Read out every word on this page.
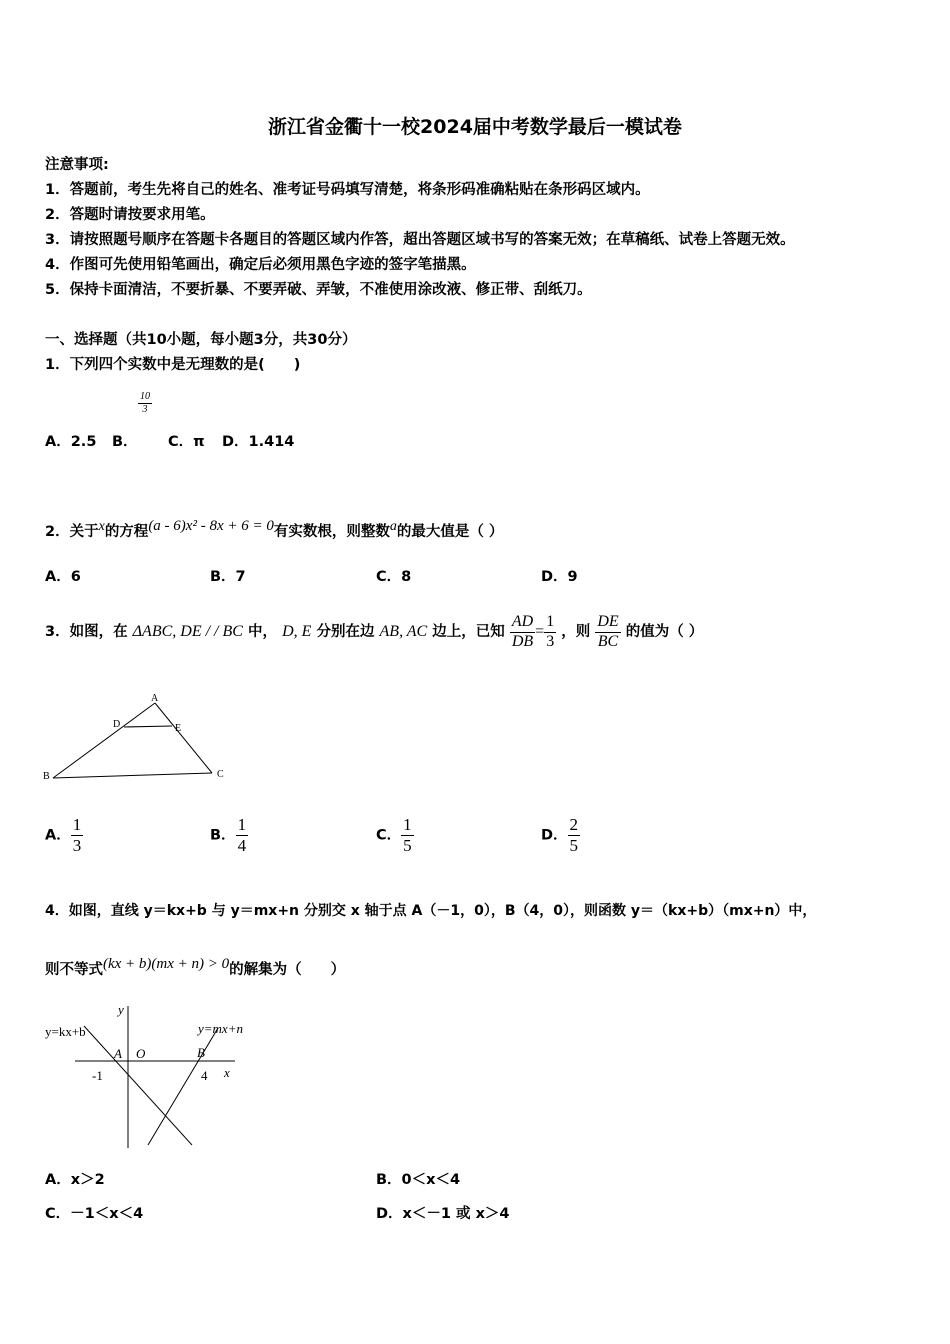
浙江省金衢十一校2024届中考数学最后一模试卷
注意事项:
1．答题前，考生先将自己的姓名、准考证号码填写清楚，将条形码准确粘贴在条形码区域内。
2．答题时请按要求用笔。
3．请按照题号顺序在答题卡各题目的答题区域内作答，超出答题区域书写的答案无效；在草稿纸、试卷上答题无效。
4．作图可先使用铅笔画出，确定后必须用黑色字迹的签字笔描黑。
5．保持卡面清洁，不要折暴、不要弄破、弄皱，不准使用涂改液、修正带、刮纸刀。
一、选择题（共10小题，每小题3分，共30分）
1．下列四个实数中是无理数的是(　　)
$\frac{10}{3}$
A．2.5 B． C．π D．1.414
2．关于$^x$的方程$^{(a - 6)x^2 - 8x + 6 = 0}$有实数根，则整数$^a$的最大值是（ ）
A．6	B．7	C．8	D．9
3．如图，在 ΔABC, DE / / BC 中， D, E 分别在边 AB, AC 边上，已知 $\frac{AD}{DB} = \frac{1}{3}$ ，则 $\frac{DE}{BC}$ 的值为（ ）
A
D	E
B	C
A． $\frac{1}{3}$	B． $\frac{1}{4}$	C． $\frac{1}{5}$	D． $\frac{2}{5}$
4．如图，直线 y＝kx+b 与 y＝mx+n 分别交 x 轴于点 A（－1，0），B（4，0），则函数 y＝（kx+b）（mx+n）中，
则不等式$^{(kx + b)(mx + n) > 0}$的解集为（　　）
y=kx+b	y=mx+n
y
x
A O	B
-1	4
A．x＞2	B．0＜x＜4
C．－1＜x＜4	D．x＜－1 或 x＞4
